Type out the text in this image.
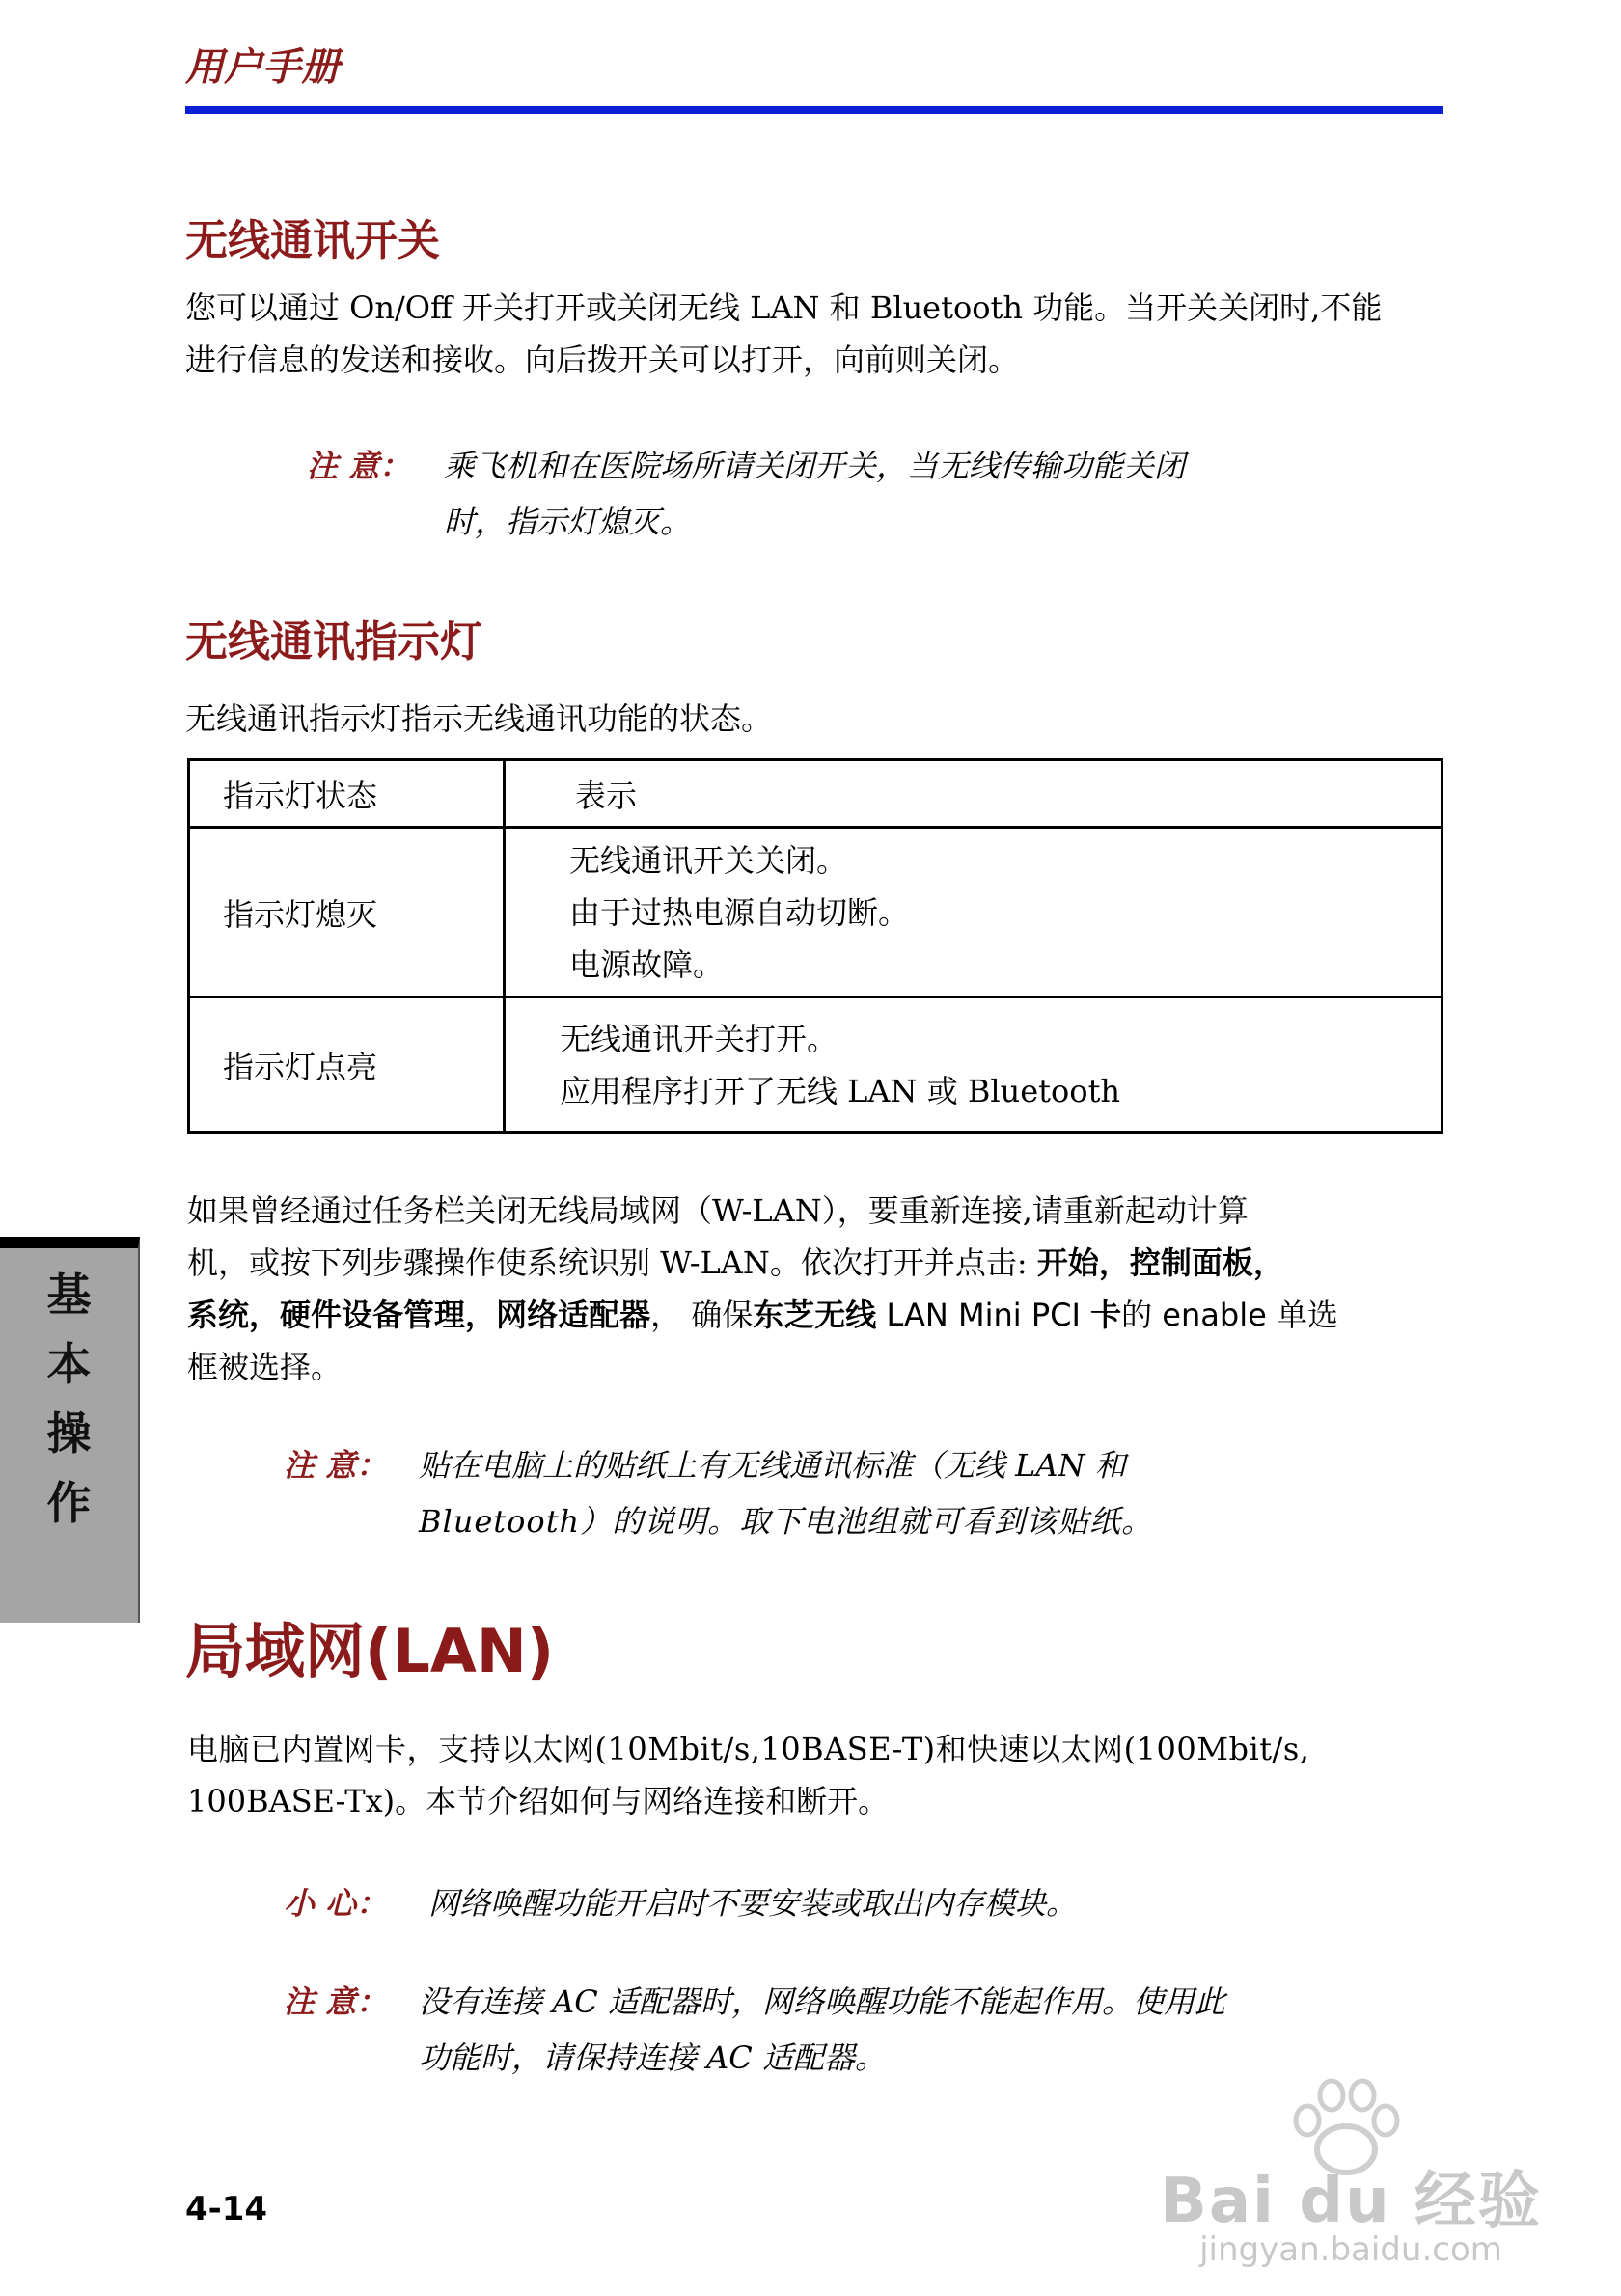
用户手册
无线通讯开关

您可以通过 On/Off 开关打开或关闭无线 LAN 和 Bluetooth 功能。当开关关闭时,不能

进行信息的发送和接收。向后拨开关可以打开，向前则关闭。

注 意： 乘飞机和在医院场所请关闭开关，当无线传输功能关闭

时，指示灯熄灭。

无线通讯指示灯

无线通讯指示灯指示无线通讯功能的状态。

指示灯状态	表示
指示灯熄灭	无线通讯开关关闭。
由于过热电源自动切断。
电源故障。

指示灯点亮	无线通讯开关打开。
应用程序打开了无线 LAN 或 Bluetooth

如果曾经通过任务栏关闭无线局域网（W-LAN），要重新连接,请重新起动计算

机，或按下列步骤操作使系统识别 W-LAN。依次打开并点击: 开始，控制面板，

系统，硬件设备管理，网络适配器， 确保东芝无线 LAN Mini PCI 卡的 enable 单选

框被选择。

注 意： 贴在电脑上的贴纸上有无线通讯标准（无线 LAN 和

Bluetooth）的说明。取下电池组就可看到该贴纸。

基
本
操
作
局域网(LAN)

电脑已内置网卡，支持以太网(10Mbit/s,10BASE-T)和快速以太网(100Mbit/s,

100BASE-Tx)。本节介绍如何与网络连接和断开。

小 心： 网络唤醒功能开启时不要安装或取出内存模块。

注 意： 没有连接 AC 适配器时，网络唤醒功能不能起作用。使用此

功能时，请保持连接 AC 适配器。

4-14	Bai du 经验
jingyan.baidu.com
